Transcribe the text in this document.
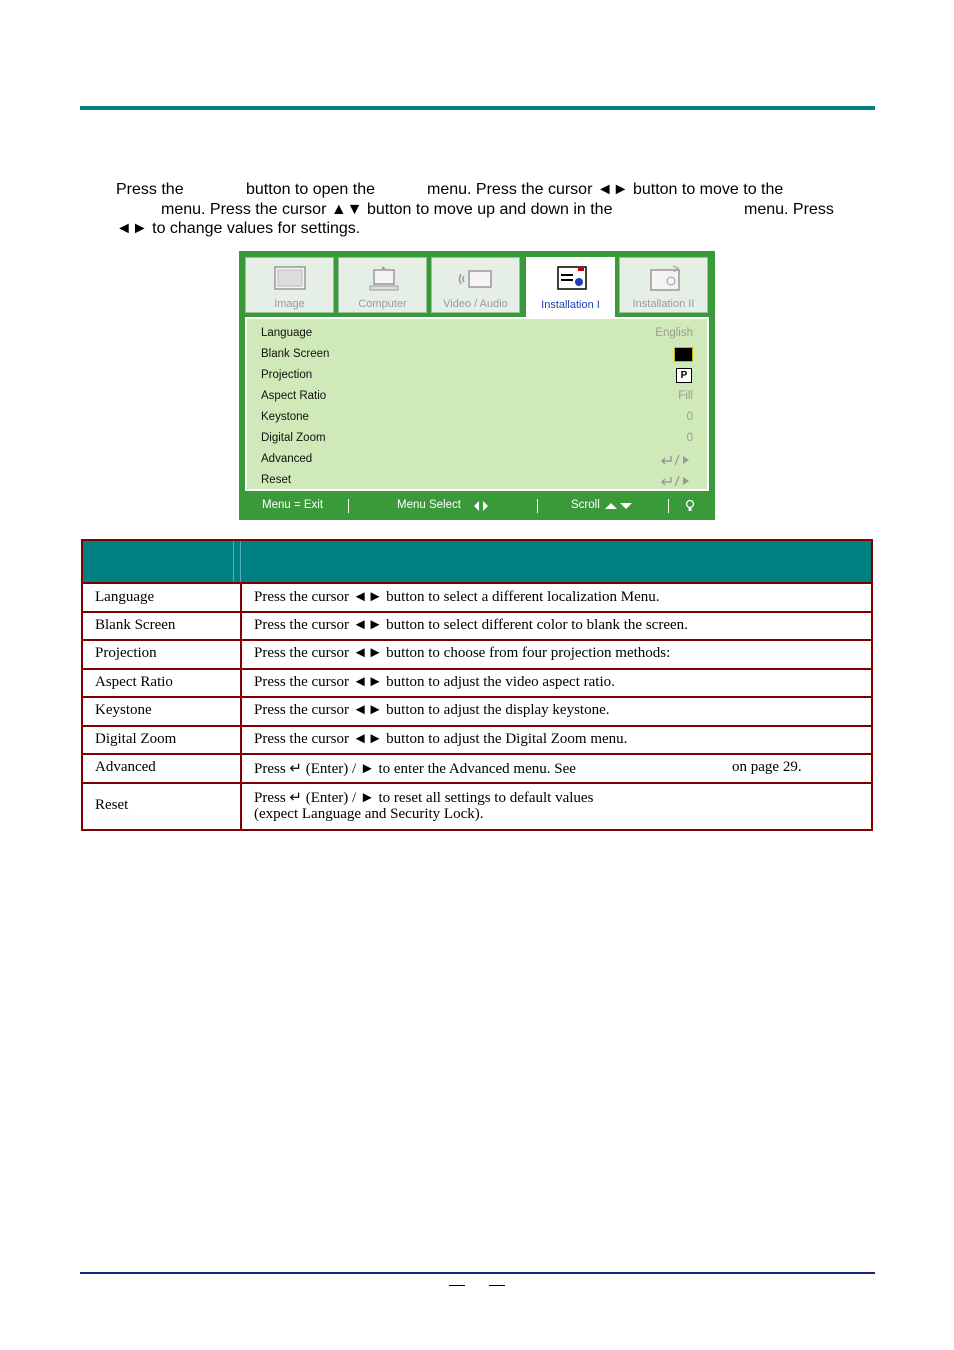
Press the	button to open the	menu. Press the cursor ◄► button to move to the
menu. Press the cursor ▲▼ button to move up and down in the	menu. Press
◄► to change values for settings.
Image	Computer	Video / Audio	Installation I	Installation II
Language	English
Blank Screen
Projection	P
Aspect Ratio	Fill
Keystone	0
Digital Zoom	0
Advanced
Reset
Menu = Exit	Menu Select	Scroll
Language	Press the cursor ◄► button to select a different localization Menu.
Blank Screen	Press the cursor ◄► button to select different color to blank the screen.
Projection	Press the cursor ◄► button to choose from four projection methods:
Aspect Ratio	Press the cursor ◄► button to adjust the video aspect ratio.
Keystone	Press the cursor ◄► button to adjust the display keystone.
Digital Zoom	Press the cursor ◄► button to adjust the Digital Zoom menu.
Advanced	Press ↵ (Enter) / ► to enter the Advanced menu. See	on page 29.
Reset	Press ↵ (Enter) / ► to reset all settings to default values
(expect Language and Security Lock).
